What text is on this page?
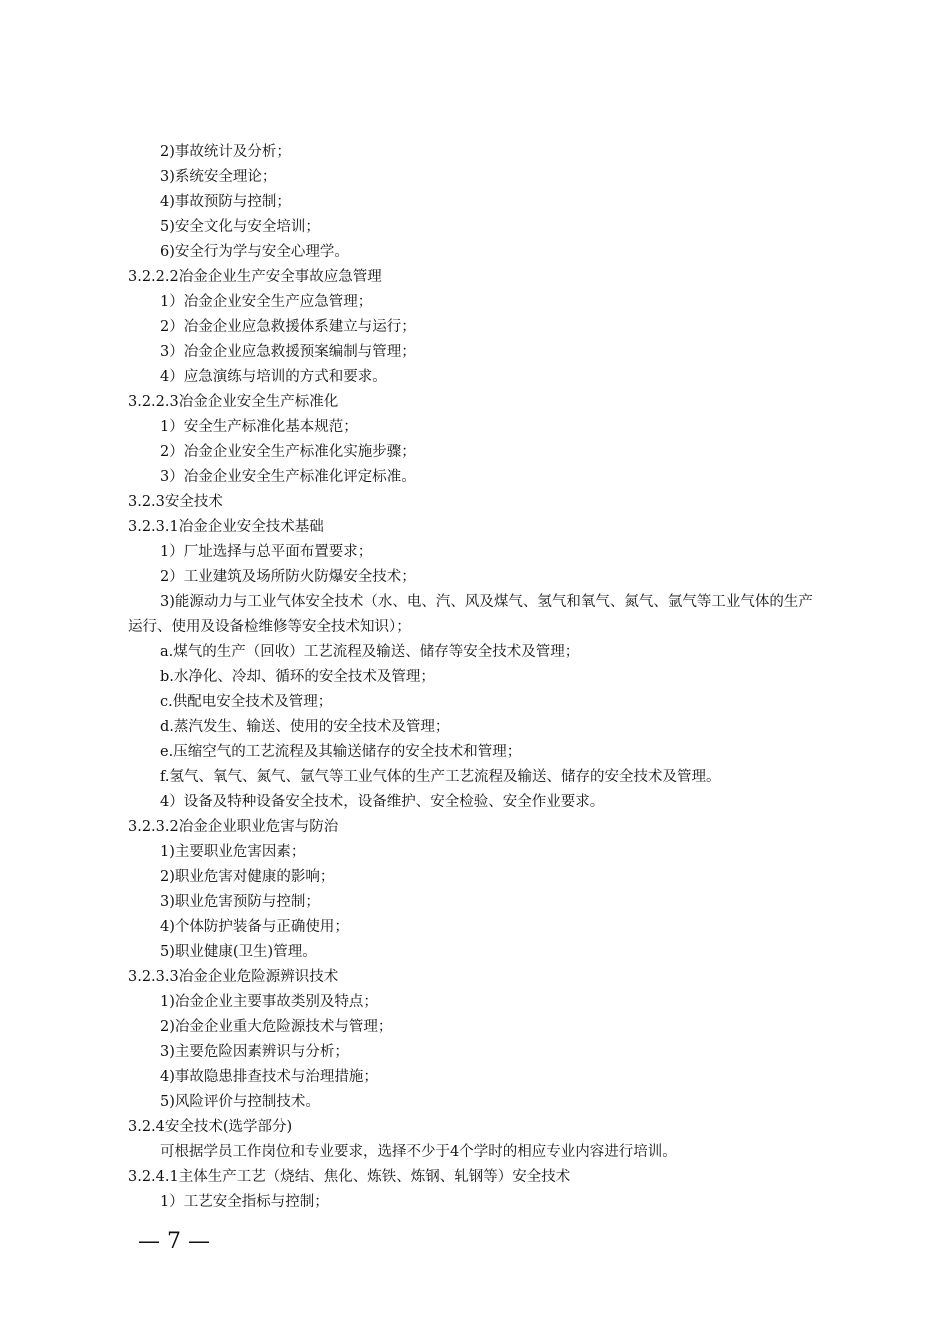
2)事故统计及分析；
3)系统安全理论；
4)事故预防与控制；
5)安全文化与安全培训；
6)安全行为学与安全心理学。
3.2.2.2冶金企业生产安全事故应急管理
1）冶金企业安全生产应急管理；
2）冶金企业应急救援体系建立与运行；
3）冶金企业应急救援预案编制与管理；
4）应急演练与培训的方式和要求。
3.2.2.3冶金企业安全生产标准化
1）安全生产标准化基本规范；
2）冶金企业安全生产标准化实施步骤；
3）冶金企业安全生产标准化评定标准。
3.2.3安全技术
3.2.3.1冶金企业安全技术基础
1）厂址选择与总平面布置要求；
2）工业建筑及场所防火防爆安全技术；
3)能源动力与工业气体安全技术（水、电、汽、风及煤气、氢气和氧气、氮气、氩气等工业气体的生产运行、使用及设备检维修等安全技术知识）；
a.煤气的生产（回收）工艺流程及输送、储存等安全技术及管理；
b.水净化、冷却、循环的安全技术及管理；
c.供配电安全技术及管理；
d.蒸汽发生、输送、使用的安全技术及管理；
e.压缩空气的工艺流程及其输送储存的安全技术和管理；
f.氢气、氧气、氮气、氩气等工业气体的生产工艺流程及输送、储存的安全技术及管理。
4）设备及特种设备安全技术，设备维护、安全检验、安全作业要求。
3.2.3.2冶金企业职业危害与防治
1)主要职业危害因素；
2)职业危害对健康的影响；
3)职业危害预防与控制；
4)个体防护装备与正确使用；
5)职业健康(卫生)管理。
3.2.3.3冶金企业危险源辨识技术
1)冶金企业主要事故类别及特点；
2)冶金企业重大危险源技术与管理；
3)主要危险因素辨识与分析；
4)事故隐患排查技术与治理措施；
5)风险评价与控制技术。
3.2.4安全技术(选学部分)
可根据学员工作岗位和专业要求，选择不少于4个学时的相应专业内容进行培训。
3.2.4.1主体生产工艺（烧结、焦化、炼铁、炼钢、轧钢等）安全技术
1）工艺安全指标与控制；
— 7 —
